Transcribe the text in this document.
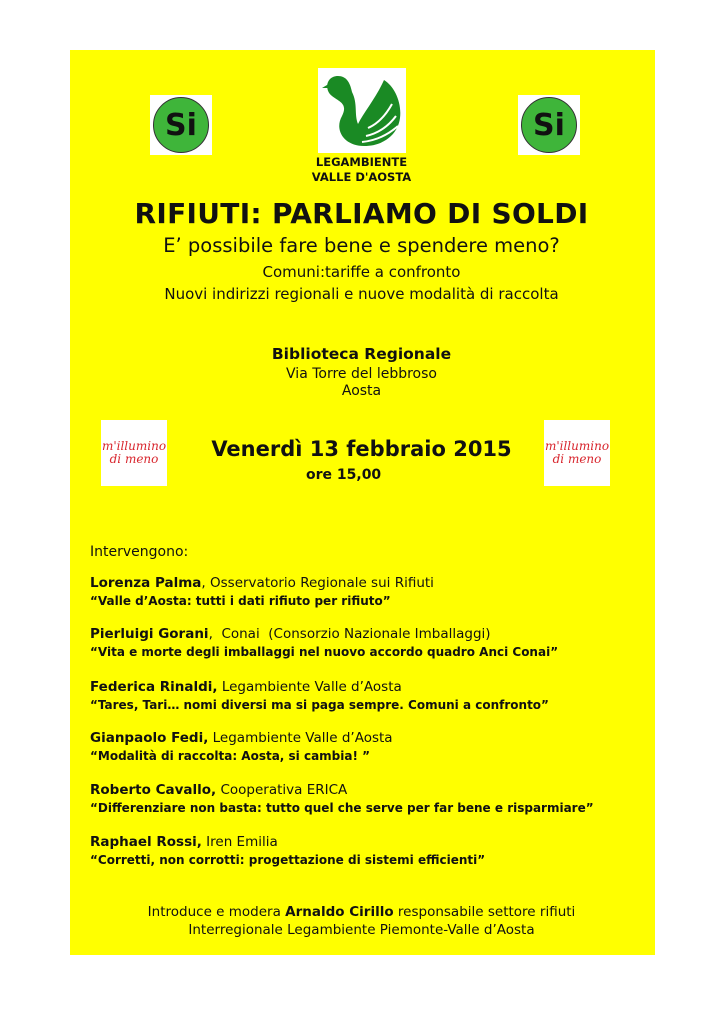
Si	Si
LEGAMBIENTE
VALLE D'AOSTA
RIFIUTI: PARLIAMO DI SOLDI
E’ possibile fare bene e spendere meno?
Comuni:tariffe a confronto
Nuovi indirizzi regionali e nuove modalità di raccolta
Biblioteca Regionale
Via Torre del lebbroso
Aosta
m'illumino
di meno
m'illumino
di meno
Venerdì 13 febbraio 2015
ore 15,00
Intervengono:
Lorenza Palma, Osservatorio Regionale sui Rifiuti
“Valle d’Aosta: tutti i dati rifiuto per rifiuto”
Pierluigi Gorani,  Conai  (Consorzio Nazionale Imballaggi)
“Vita e morte degli imballaggi nel nuovo accordo quadro Anci Conai”
Federica Rinaldi, Legambiente Valle d’Aosta
“Tares, Tari… nomi diversi ma si paga sempre. Comuni a confronto”
Gianpaolo Fedi, Legambiente Valle d’Aosta
“Modalità di raccolta: Aosta, si cambia! ”
Roberto Cavallo, Cooperativa ERICA
“Differenziare non basta: tutto quel che serve per far bene e risparmiare”
Raphael Rossi, Iren Emilia
“Corretti, non corrotti: progettazione di sistemi efficienti”
Introduce e modera Arnaldo Cirillo responsabile settore rifiuti
Interregionale Legambiente Piemonte-Valle d’Aosta
